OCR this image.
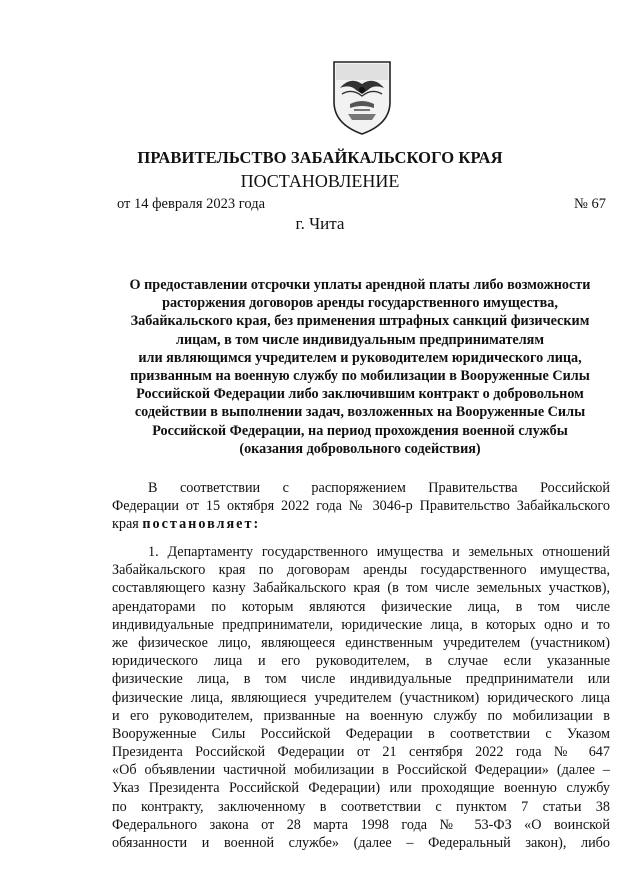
ПРАВИТЕЛЬСТВО ЗАБАЙКАЛЬСКОГО КРАЯ
ПОСТАНОВЛЕНИЕ
от 14 февраля 2023 года	№ 67
г. Чита
О предоставлении отсрочки уплаты арендной платы либо возможности
расторжения договоров аренды государственного имущества,
Забайкальского края, без применения штрафных санкций физическим
лицам, в том числе индивидуальным предпринимателям
или являющимся учредителем и руководителем юридического лица,
призванным на военную службу по мобилизации в Вооруженные Силы
Российской Федерации либо заключившим контракт о добровольном
содействии в выполнении задач, возложенных на Вооруженные Силы
Российской Федерации, на период прохождения военной службы
(оказания добровольного содействия)
В соответствии с распоряжением Правительства Российской
Федерации от 15 октября 2022 года № 3046-р Правительство Забайкальского
края постановляет:
1. Департаменту государственного имущества и земельных отношений
Забайкальского края по договорам аренды государственного имущества,
составляющего казну Забайкальского края (в том числе земельных участков),
арендаторами по которым являются физические лица, в том числе
индивидуальные предприниматели, юридические лица, в которых одно и то
же физическое лицо, являющееся единственным учредителем (участником)
юридического лица и его руководителем, в случае если указанные
физические лица, в том числе индивидуальные предприниматели или
физические лица, являющиеся учредителем (участником) юридического лица
и его руководителем, призванные на военную службу по мобилизации в
Вооруженные Силы Российской Федерации в соответствии с Указом
Президента Российской Федерации от 21 сентября 2022 года № 647
«Об объявлении частичной мобилизации в Российской Федерации» (далее –
Указ Президента Российской Федерации) или проходящие военную службу
по контракту, заключенному в соответствии с пунктом 7 статьи 38
Федерального закона от 28 марта 1998 года № 53-ФЗ «О воинской
обязанности и военной службе» (далее – Федеральный закон), либо
